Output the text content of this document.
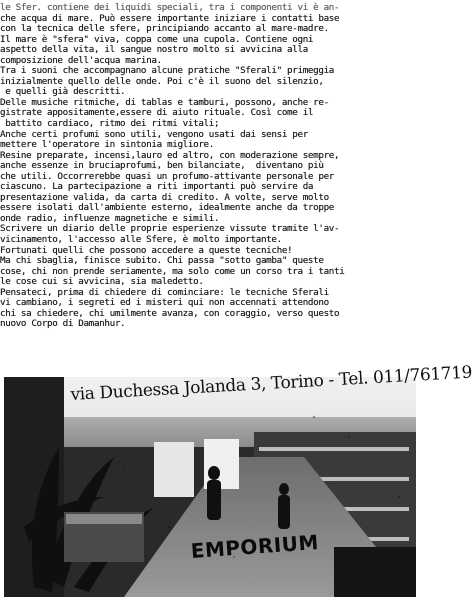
le Sfer. contiene dei liquidi speciali, tra i componenti vi è an-
che acqua di mare. Può essere importante iniziare i contatti base
con la tecnica delle sfere, principiando accanto al mare-madre.
Il mare è "sfera" viva, coppa come una cupola. Contiene ogni
aspetto della vita, il sangue nostro molto si avvicina alla
composizione dell'acqua marina.
Tra i suoni che accompagnano alcune pratiche "Sferali" primeggia
inizialmente quello delle onde. Poi c'è il suono del silenzio,
e quelli già descritti.
Delle musiche ritmiche, di tablas e tamburi, possono, anche re-
gistrate appositamente,essere di aiuto rituale. Così come il
battito cardiaco, ritmo dei ritmi vitali;
Anche certi profumi sono utili, vengono usati dai sensi per
mettere l'operatore in sintonia migliore.
Resine preparate, incensi,lauro ed altro, con moderazione sempre,
anche essenze in bruciaprofumi, ben bilanciate,  diventano più
che utili. Occorrerebbe quasi un profumo-attivante personale per
ciascuno. La partecipazione a riti importanti può servire da
presentazione valida, da carta di credito. A volte, serve molto
essere isolati dall'ambiente esterno, idealmente anche da troppe
onde radio, influenze magnetiche e simili.
Scrivere un diario delle proprie esperienze vissute tramite l'av-
vicinamento, l'accesso alle Sfere, è molto importante.
Fortunati quelli che possono accedere a queste tecniche!
Ma chi sbaglia, finisce subito. Chi passa "sotto gamba" queste
cose, chi non prende seriamente, ma solo come un corso tra i tanti
le cose cui si avvicina, sia maledetto.
Pensateci, prima di chiedere di cominciare: le tecniche Sferali
vi cambiano, i segreti ed i misteri qui non accennati attendono
chi sa chiedere, chi umilmente avanza, con coraggio, verso questo
nuovo Corpo di Damanhur.
via Duchessa Jolanda 3, Torino - Tel. 011/761719
EMPORIUM
